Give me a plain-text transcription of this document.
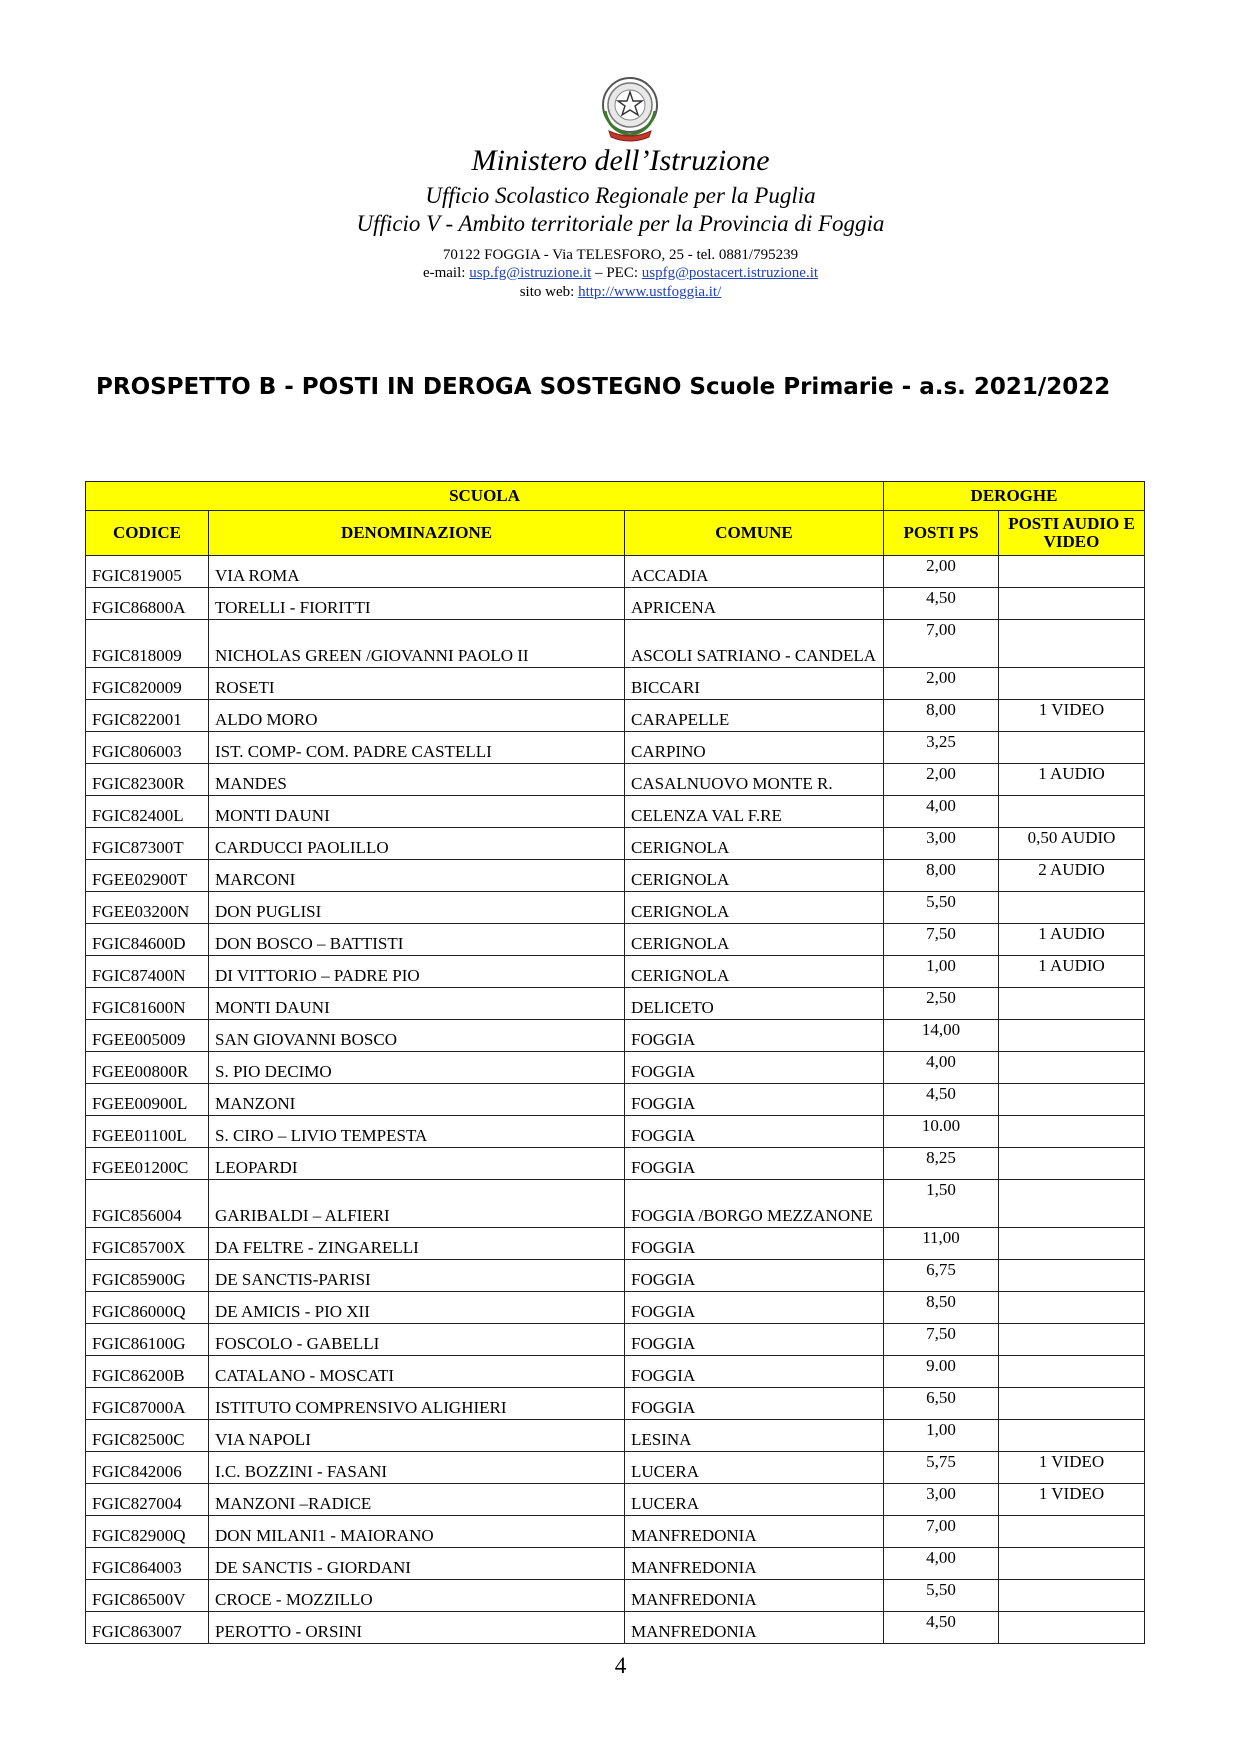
Ministero dell’Istruzione
Ufficio Scolastico Regionale per la Puglia
Ufficio V - Ambito territoriale per la Provincia di Foggia
70122 FOGGIA - Via TELESFORO, 25 - tel. 0881/795239
e-mail: usp.fg@istruzione.it – PEC: uspfg@postacert.istruzione.it
sito web: http://www.ustfoggia.it/
PROSPETTO B - POSTI IN DEROGA SOSTEGNO Scuole Primarie - a.s. 2021/2022
SCUOLA			DEROGHE	
CODICE	DENOMINAZIONE	COMUNE	POSTI PS	POSTI AUDIO E VIDEO
FGIC819005	VIA ROMA	ACCADIA	2,00	
FGIC86800A	TORELLI - FIORITTI	APRICENA	4,50	
FGIC818009	NICHOLAS GREEN /GIOVANNI PAOLO II	ASCOLI SATRIANO - CANDELA	7,00	
FGIC820009	ROSETI	BICCARI	2,00	
FGIC822001	ALDO MORO	CARAPELLE	8,00	1 VIDEO
FGIC806003	IST. COMP- COM. PADRE CASTELLI	CARPINO	3,25	
FGIC82300R	MANDES	CASALNUOVO MONTE R.	2,00	1 AUDIO
FGIC82400L	MONTI DAUNI	CELENZA VAL F.RE	4,00	
FGIC87300T	CARDUCCI PAOLILLO	CERIGNOLA	3,00	0,50 AUDIO
FGEE02900T	MARCONI	CERIGNOLA	8,00	2 AUDIO
FGEE03200N	DON PUGLISI	CERIGNOLA	5,50	
FGIC84600D	DON BOSCO – BATTISTI	CERIGNOLA	7,50	1 AUDIO
FGIC87400N	DI VITTORIO – PADRE PIO	CERIGNOLA	1,00	1 AUDIO
FGIC81600N	MONTI DAUNI	DELICETO	2,50	
FGEE005009	SAN GIOVANNI BOSCO	FOGGIA	14,00	
FGEE00800R	S. PIO DECIMO	FOGGIA	4,00	
FGEE00900L	MANZONI	FOGGIA	4,50	
FGEE01100L	S. CIRO – LIVIO TEMPESTA	FOGGIA	10.00	
FGEE01200C	LEOPARDI	FOGGIA	8,25	
FGIC856004	GARIBALDI – ALFIERI	FOGGIA /BORGO MEZZANONE	1,50	
FGIC85700X	DA FELTRE - ZINGARELLI	FOGGIA	11,00	
FGIC85900G	DE SANCTIS-PARISI	FOGGIA	6,75	
FGIC86000Q	DE AMICIS - PIO XII	FOGGIA	8,50	
FGIC86100G	FOSCOLO - GABELLI	FOGGIA	7,50	
FGIC86200B	CATALANO - MOSCATI	FOGGIA	9.00	
FGIC87000A	ISTITUTO COMPRENSIVO ALIGHIERI	FOGGIA	6,50	
FGIC82500C	VIA NAPOLI	LESINA	1,00	
FGIC842006	I.C. BOZZINI - FASANI	LUCERA	5,75	1 VIDEO
FGIC827004	MANZONI –RADICE	LUCERA	3,00	1 VIDEO
FGIC82900Q	DON MILANI1 - MAIORANO	MANFREDONIA	7,00	
FGIC864003	DE SANCTIS - GIORDANI	MANFREDONIA	4,00	
FGIC86500V	CROCE - MOZZILLO	MANFREDONIA	5,50	
FGIC863007	PEROTTO - ORSINI	MANFREDONIA	4,50	
4
